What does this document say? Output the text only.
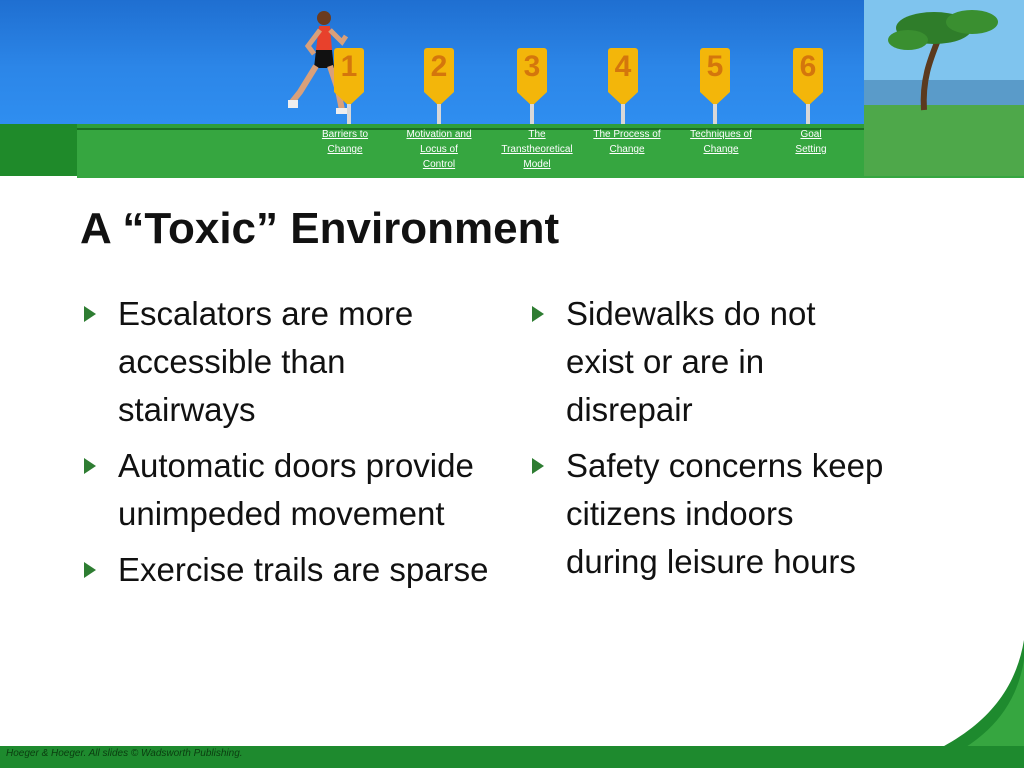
1 2	3 4	5	6
Barriers to
Change
Motivation and
Locus of
Control
The
Transtheoretical
Model
The Process of
Change
Techniques of
Change
Goal
Setting
A “Toxic” Environment
Escalators are more accessible than stairways
Automatic doors provide unimpeded movement
Exercise trails are sparse
Sidewalks do not exist or are in disrepair
Safety concerns keep citizens indoors during leisure hours
Hoeger & Hoeger. All slides © Wadsworth Publishing.
